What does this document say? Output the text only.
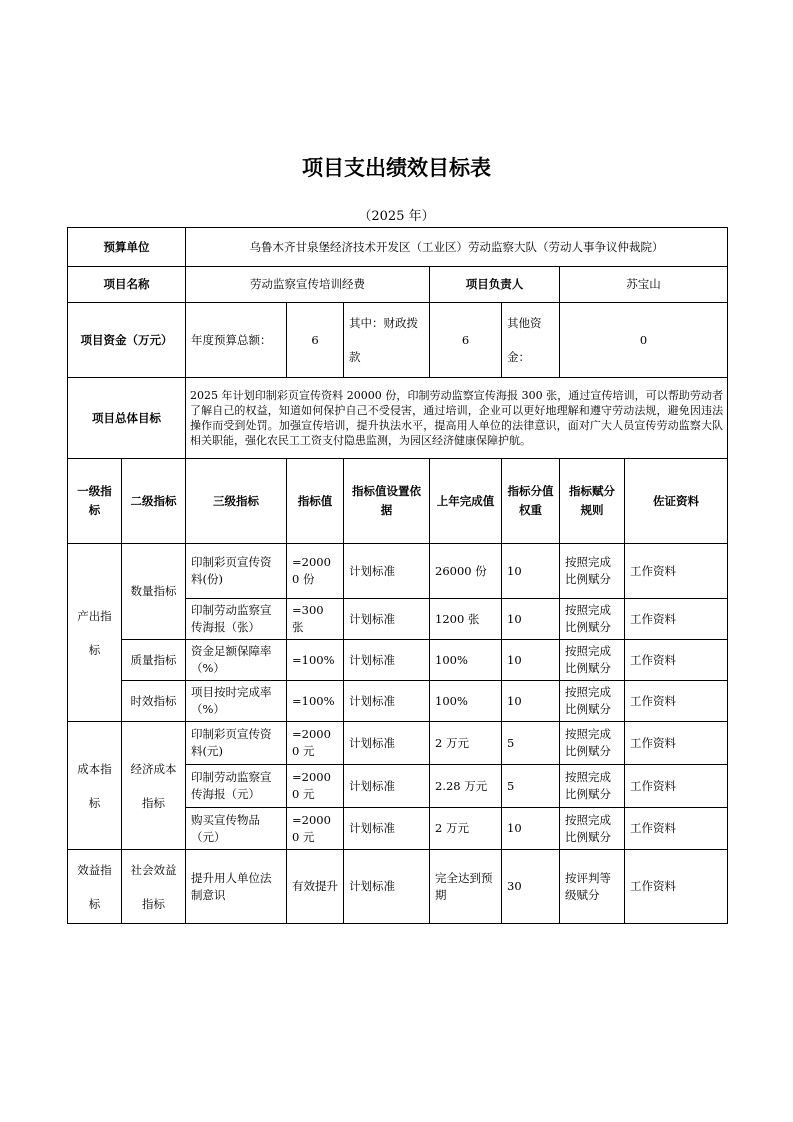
项目支出绩效目标表
（2025 年）
预算单位		乌鲁木齐甘泉堡经济技术开发区（工业区）劳动监察大队（劳动人事争议仲裁院）						
项目名称		劳动监察宣传培训经费			项目负责人		苏宝山	
项目资金（万元）		年度预算总额：	6	其中：财政拨款	6	其他资金：	0	
项目总体目标		2025 年计划印制彩页宣传资料 20000 份，印制劳动监察宣传海报 300 张，通过宣传培训，可以帮助劳动者了解自己的权益，知道如何保护自己不受侵害，通过培训，企业可以更好地理解和遵守劳动法规，避免因违法操作而受到处罚。加强宣传培训，提升执法水平，提高用人单位的法律意识，面对广大人员宣传劳动监察大队相关职能，强化农民工工资支付隐患监测，为园区经济健康保障护航。						
一级指标	二级指标	三级指标	指标值	指标值设置依据	上年完成值	指标分值权重	指标赋分规则	佐证资料
产出指标	数量指标	印制彩页宣传资料(份)	=20000 份	计划标准	26000 份	10	按照完成比例赋分	工作资料
		印制劳动监察宣传海报（张）	=300 张	计划标准	1200 张	10	按照完成比例赋分	工作资料
	质量指标	资金足额保障率（%）	=100%	计划标准	100%	10	按照完成比例赋分	工作资料
	时效指标	项目按时完成率（%）	=100%	计划标准	100%	10	按照完成比例赋分	工作资料
成本指标	经济成本指标	印制彩页宣传资料(元)	=20000 元	计划标准	2 万元	5	按照完成比例赋分	工作资料
		印制劳动监察宣传海报（元）	=20000 元	计划标准	2.28 万元	5	按照完成比例赋分	工作资料
		购买宣传物品（元）	=20000 元	计划标准	2 万元	10	按照完成比例赋分	工作资料
效益指标	社会效益指标	提升用人单位法制意识	有效提升	计划标准	完全达到预期	30	按评判等级赋分	工作资料
